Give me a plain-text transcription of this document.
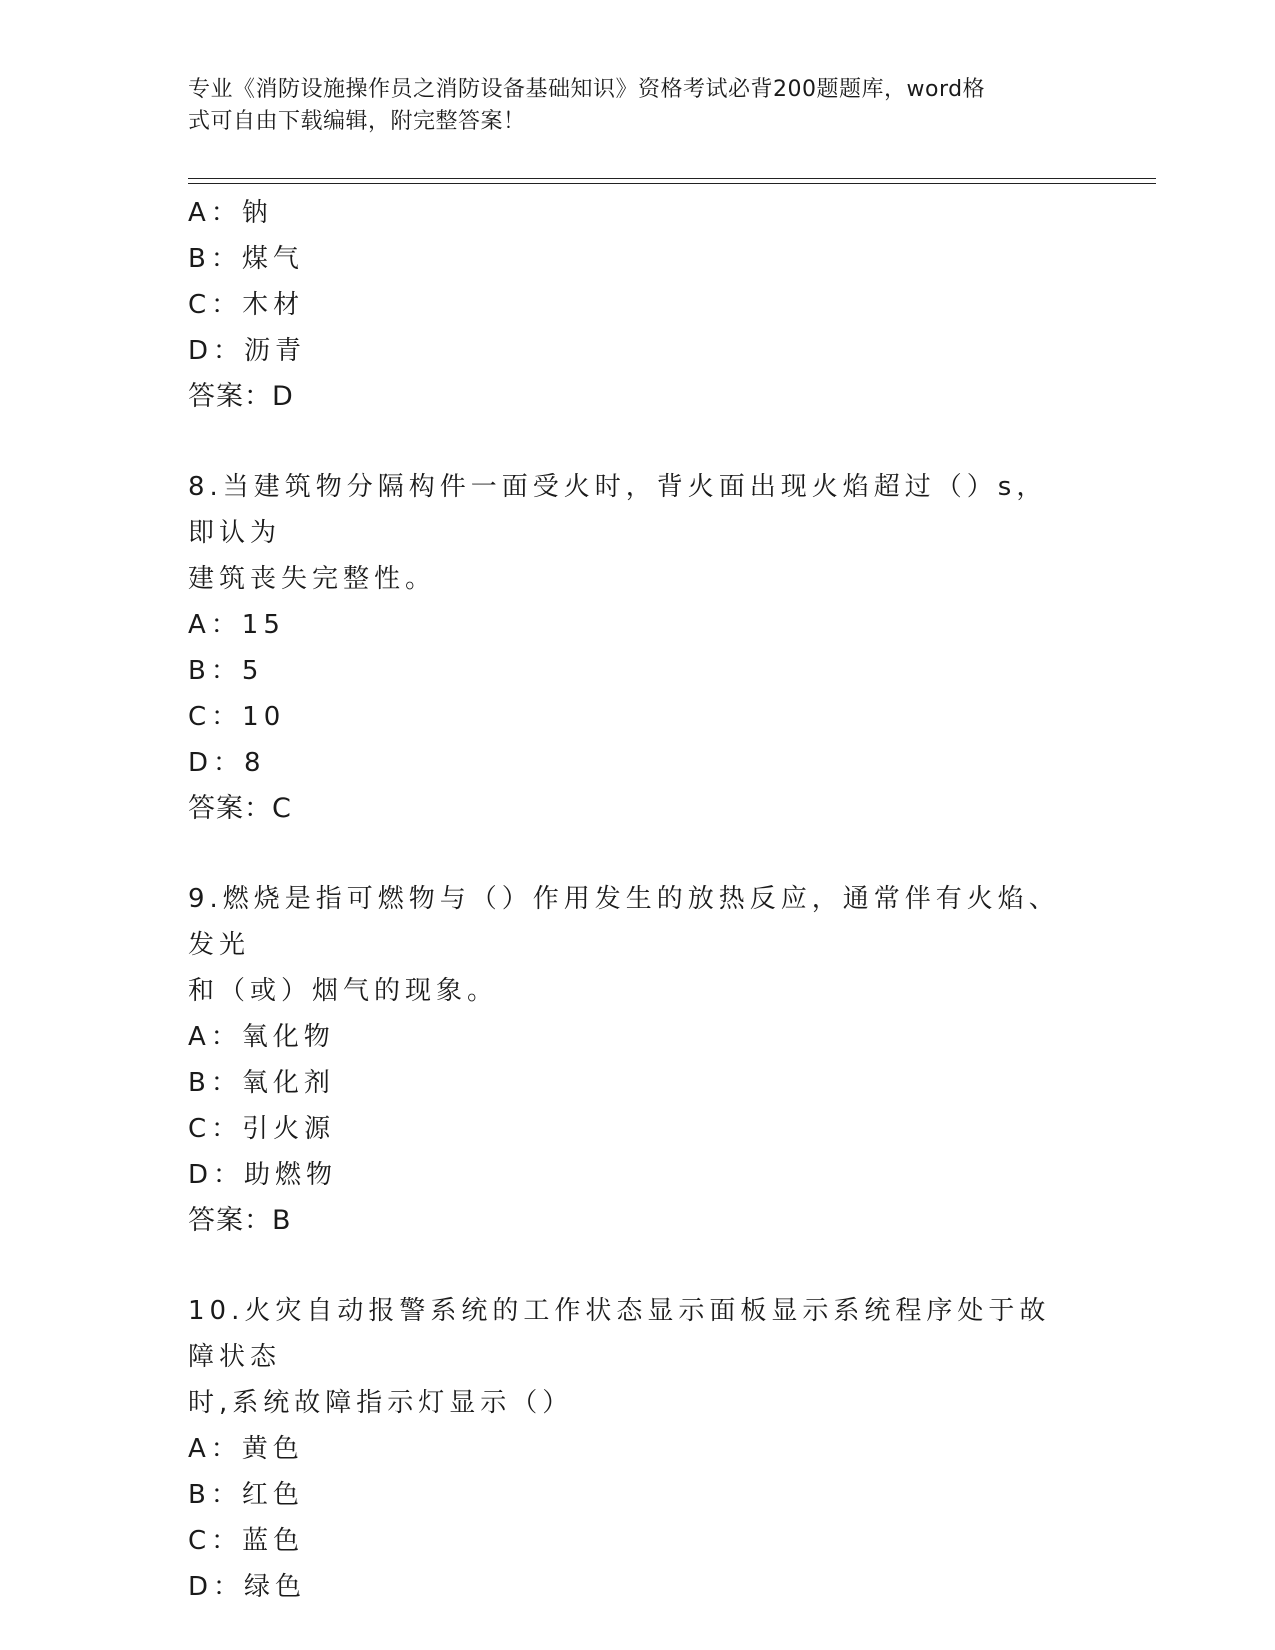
专业《消防设施操作员之消防设备基础知识》资格考试必背200题题库，word格
式可自由下载编辑，附完整答案！
A：钠
B：煤气
C：木材
D：沥青
答案：D
8.当建筑物分隔构件一面受火时，背火面出现火焰超过（）s，即认为
建筑丧失完整性。
A：15
B：5
C：10
D：8
答案：C
9.燃烧是指可燃物与（）作用发生的放热反应，通常伴有火焰、发光
和（或）烟气的现象。
A：氧化物
B：氧化剂
C：引火源
D：助燃物
答案：B
10.火灾自动报警系统的工作状态显示面板显示系统程序处于故障状态
时,系统故障指示灯显示（）
A：黄色
B：红色
C：蓝色
D：绿色
